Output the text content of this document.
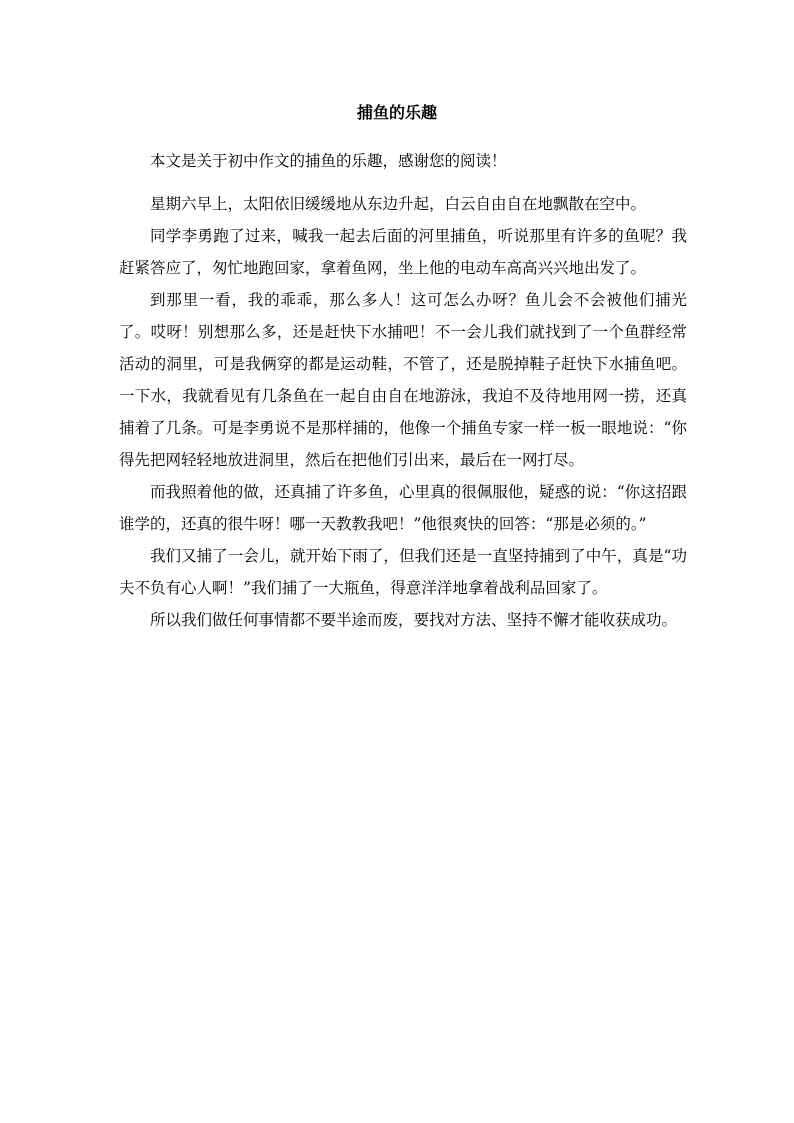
捕鱼的乐趣

本文是关于初中作文的捕鱼的乐趣，感谢您的阅读！

星期六早上，太阳依旧缓缓地从东边升起，白云自由自在地飘散在空中。

同学李勇跑了过来，喊我一起去后面的河里捕鱼，听说那里有许多的鱼呢？我赶紧答应了，匆忙地跑回家，拿着鱼网，坐上他的电动车高高兴兴地出发了。

到那里一看，我的乖乖，那么多人！这可怎么办呀？鱼儿会不会被他们捕光了。哎呀！别想那么多，还是赶快下水捕吧！不一会儿我们就找到了一个鱼群经常活动的洞里，可是我俩穿的都是运动鞋，不管了，还是脱掉鞋子赶快下水捕鱼吧。一下水，我就看见有几条鱼在一起自由自在地游泳，我迫不及待地用网一捞，还真捕着了几条。可是李勇说不是那样捕的，他像一个捕鱼专家一样一板一眼地说：“你得先把网轻轻地放进洞里，然后在把他们引出来，最后在一网打尽。

而我照着他的做，还真捕了许多鱼，心里真的很佩服他，疑惑的说：“你这招跟谁学的，还真的很牛呀！哪一天教教我吧！”他很爽快的回答：“那是必须的。”

我们又捕了一会儿，就开始下雨了，但我们还是一直坚持捕到了中午，真是“功夫不负有心人啊！”我们捕了一大瓶鱼，得意洋洋地拿着战利品回家了。

所以我们做任何事情都不要半途而废，要找对方法、坚持不懈才能收获成功。
